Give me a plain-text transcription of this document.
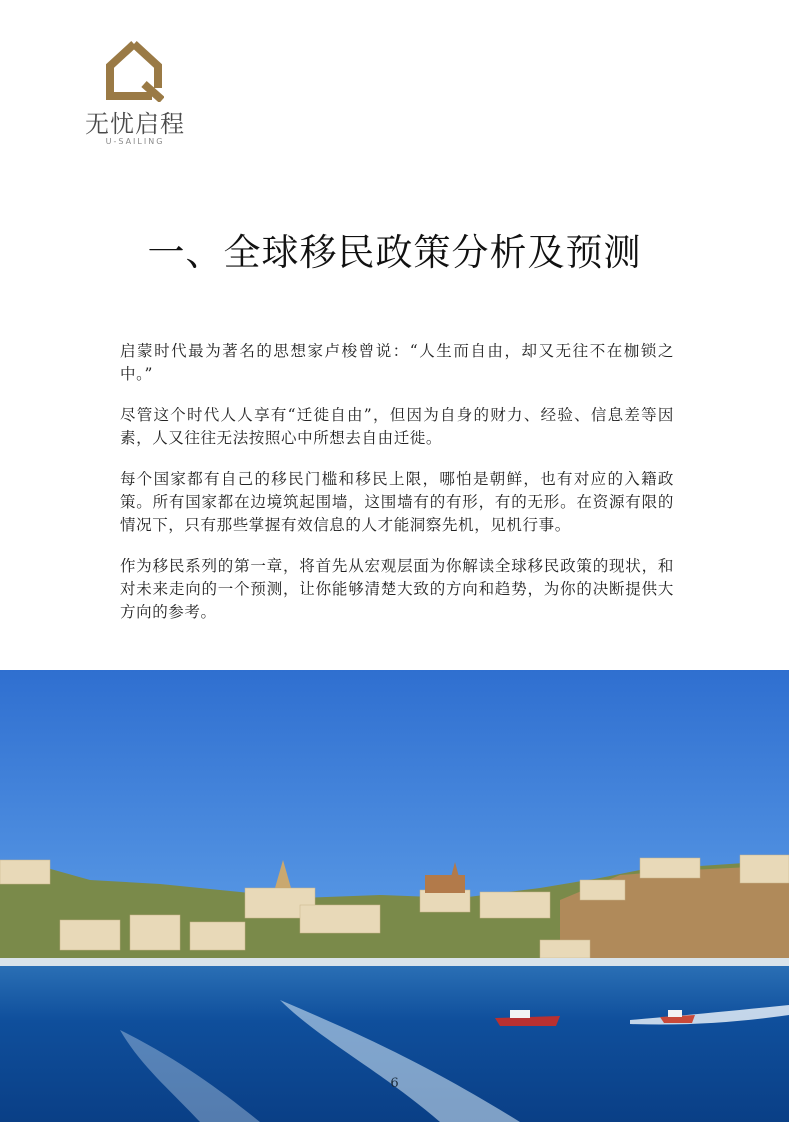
无忧启程
U-SAILING
一、全球移民政策分析及预测

启蒙时代最为著名的思想家卢梭曾说：“人生而自由，却又无往不在枷锁之中。”

尽管这个时代人人享有“迁徙自由”，但因为自身的财力、经验、信息差等因素，人又往往无法按照心中所想去自由迁徙。

每个国家都有自己的移民门槛和移民上限，哪怕是朝鲜，也有对应的入籍政策。所有国家都在边境筑起围墙，这围墙有的有形，有的无形。在资源有限的情况下，只有那些掌握有效信息的人才能洞察先机，见机行事。

作为移民系列的第一章，将首先从宏观层面为你解读全球移民政策的现状，和对未来走向的一个预测，让你能够清楚大致的方向和趋势，为你的决断提供大方向的参考。

6
